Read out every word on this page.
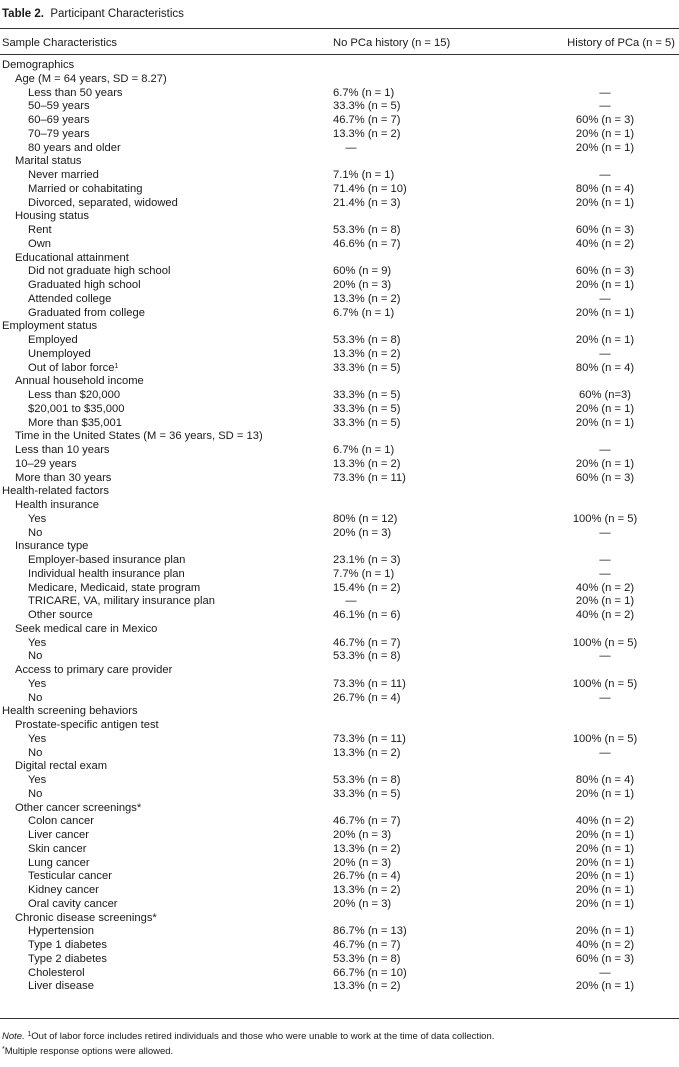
Table 2. Participant Characteristics
Sample Characteristics	No PCa history (n = 15)	History of PCa (n = 5)
Demographics
Age (M = 64 years, SD = 8.27)
Less than 50 years	6.7% (n = 1)	—
50–59 years	33.3% (n = 5)	—
60–69 years	46.7% (n = 7)	60% (n = 3)
70–79 years	13.3% (n = 2)	20% (n = 1)
80 years and older	—	20% (n = 1)
Marital status
Never married	7.1% (n = 1)	—
Married or cohabitating	71.4% (n = 10)	80% (n = 4)
Divorced, separated, widowed	21.4% (n = 3)	20% (n = 1)
Housing status
Rent	53.3% (n = 8)	60% (n = 3)
Own	46.6% (n = 7)	40% (n = 2)
Educational attainment
Did not graduate high school	60% (n = 9)	60% (n = 3)
Graduated high school	20% (n = 3)	20% (n = 1)
Attended college	13.3% (n = 2)	—
Graduated from college	6.7% (n = 1)	20% (n = 1)
Employment status
Employed	53.3% (n = 8)	20% (n = 1)
Unemployed	13.3% (n = 2)	—
Out of labor force$^1$	33.3% (n = 5)	80% (n = 4)
Annual household income
Less than $20,000	33.3% (n = 5)	60% (n=3)
$20,001 to $35,000	33.3% (n = 5)	20% (n = 1)
More than $35,001	33.3% (n = 5)	20% (n = 1)
Time in the United States (M = 36 years, SD = 13)
Less than 10 years	6.7% (n = 1)	—
10–29 years	13.3% (n = 2)	20% (n = 1)
More than 30 years	73.3% (n = 11)	60% (n = 3)
Health-related factors
Health insurance
Yes	80% (n = 12)	100% (n = 5)
No	20% (n = 3)	—
Insurance type
Employer-based insurance plan	23.1% (n = 3)	—
Individual health insurance plan	7.7% (n = 1)	—
Medicare, Medicaid, state program	15.4% (n = 2)	40% (n = 2)
TRICARE, VA, military insurance plan	—	20% (n = 1)
Other source	46.1% (n = 6)	40% (n = 2)
Seek medical care in Mexico
Yes	46.7% (n = 7)	100% (n = 5)
No	53.3% (n = 8)	—
Access to primary care provider
Yes	73.3% (n = 11)	100% (n = 5)
No	26.7% (n = 4)	—
Health screening behaviors
Prostate-specific antigen test
Yes	73.3% (n = 11)	100% (n = 5)
No	13.3% (n = 2)	—
Digital rectal exam
Yes	53.3% (n = 8)	80% (n = 4)
No	33.3% (n = 5)	20% (n = 1)
Other cancer screenings*
Colon cancer	46.7% (n = 7)	40% (n = 2)
Liver cancer	20% (n = 3)	20% (n = 1)
Skin cancer	13.3% (n = 2)	20% (n = 1)
Lung cancer	20% (n = 3)	20% (n = 1)
Testicular cancer	26.7% (n = 4)	20% (n = 1)
Kidney cancer	13.3% (n = 2)	20% (n = 1)
Oral cavity cancer	20% (n = 3)	20% (n = 1)
Chronic disease screenings*
Hypertension	86.7% (n = 13)	20% (n = 1)
Type 1 diabetes	46.7% (n = 7)	40% (n = 2)
Type 2 diabetes	53.3% (n = 8)	60% (n = 3)
Cholesterol	66.7% (n = 10)	—
Liver disease	13.3% (n = 2)	20% (n = 1)
Note. $^1$Out of labor force includes retired individuals and those who were unable to work at the time of data collection.
*Multiple response options were allowed.
